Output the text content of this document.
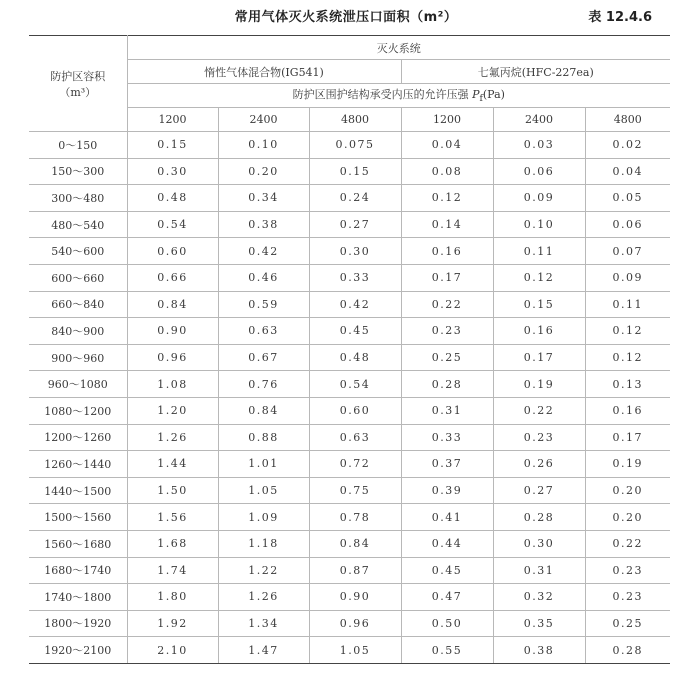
常用气体灭火系统泄压口面积（m²）	表 12.4.6
防护区容积
（m³）	灭火系统					
	惰性气体混合物(IG541)			七氟丙烷(HFC-227ea)		
	防护区围护结构承受内压的允许压强 $P_f(Pa)$					
	1200	2400	4800	1200	2400	4800
0～150	0.15	0.10	0.075	0.04	0.03	0.02
150～300	0.30	0.20	0.15	0.08	0.06	0.04
300～480	0.48	0.34	0.24	0.12	0.09	0.05
480～540	0.54	0.38	0.27	0.14	0.10	0.06
540～600	0.60	0.42	0.30	0.16	0.11	0.07
600～660	0.66	0.46	0.33	0.17	0.12	0.09
660～840	0.84	0.59	0.42	0.22	0.15	0.11
840～900	0.90	0.63	0.45	0.23	0.16	0.12
900～960	0.96	0.67	0.48	0.25	0.17	0.12
960～1080	1.08	0.76	0.54	0.28	0.19	0.13
1080～1200	1.20	0.84	0.60	0.31	0.22	0.16
1200～1260	1.26	0.88	0.63	0.33	0.23	0.17
1260～1440	1.44	1.01	0.72	0.37	0.26	0.19
1440～1500	1.50	1.05	0.75	0.39	0.27	0.20
1500～1560	1.56	1.09	0.78	0.41	0.28	0.20
1560～1680	1.68	1.18	0.84	0.44	0.30	0.22
1680～1740	1.74	1.22	0.87	0.45	0.31	0.23
1740～1800	1.80	1.26	0.90	0.47	0.32	0.23
1800～1920	1.92	1.34	0.96	0.50	0.35	0.25
1920～2100	2.10	1.47	1.05	0.55	0.38	0.28
